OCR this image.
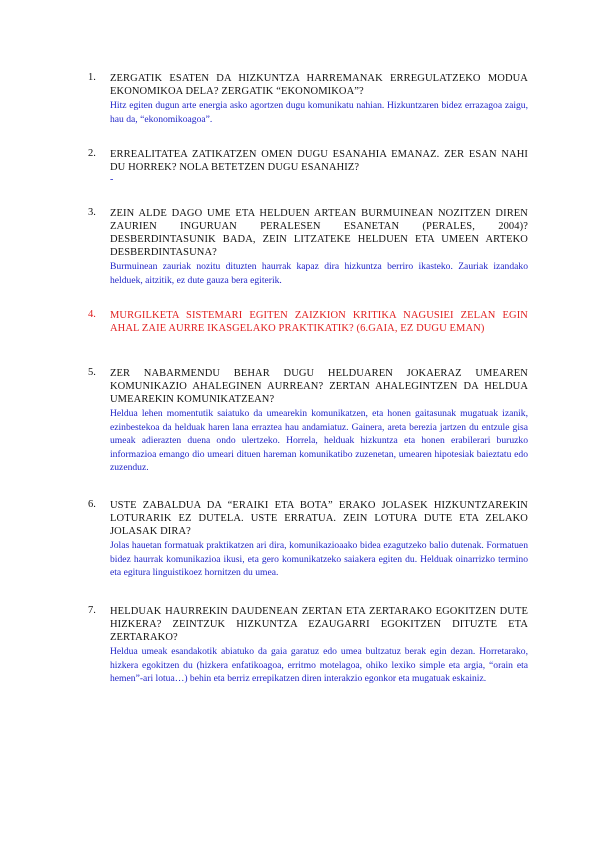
1. ZERGATIK ESATEN DA HIZKUNTZA HARREMANAK ERREGULATZEKO MODUA EKONOMIKOA DELA? ZERGATIK “EKONOMIKOA”?
Hitz egiten dugun arte energia asko agortzen dugu komunikatu nahian. Hizkuntzaren bidez errazagoa zaigu, hau da, “ekonomikoagoa”.
2. ERREALITATEA ZATIKATZEN OMEN DUGU ESANAHIA EMANAZ. ZER ESAN NAHI DU HORREK? NOLA BETETZEN DUGU ESANAHIZ?
-
3. ZEIN ALDE DAGO UME ETA HELDUEN ARTEAN BURMUINEAN NOZITZEN DIREN ZAURIEN INGURUAN PERALESEN ESANETAN (PERALES, 2004)? DESBERDINTASUNIK BADA, ZEIN LITZATEKE HELDUEN ETA UMEEN ARTEKO DESBERDINTASUNA?
Burmuinean zauriak nozitu dituzten haurrak kapaz dira hizkuntza berriro ikasteko. Zauriak izandako helduek, aitzitik, ez dute gauza bera egiterik.
4. MURGILKETA SISTEMARI EGITEN ZAIZKION KRITIKA NAGUSIEI ZELAN EGIN AHAL ZAIE AURRE IKASGELAKO PRAKTIKATIK? (6.GAIA, EZ DUGU EMAN)
5. ZER NABARMENDU BEHAR DUGU HELDUAREN JOKAERAZ UMEAREN KOMUNIKAZIO AHALEGINEN AURREAN? ZERTAN AHALEGINTZEN DA HELDUA UMEAREKIN KOMUNIKATZEAN?
Heldua lehen momentutik saiatuko da umearekin komunikatzen, eta honen gaitasunak mugatuak izanik, ezinbestekoa da helduak haren lana erraztea hau andamiatuz. Gainera, areta berezia jartzen du entzule gisa umeak adierazten duena ondo ulertzeko. Horrela, helduak hizkuntza eta honen erabilerari buruzko informazioa emango dio umeari dituen hareman komunikatibo zuzenetan, umearen hipotesiak baieztatu edo zuzenduz.
6. USTE ZABALDUA DA “ERAIKI ETA BOTA” ERAKO JOLASEK HIZKUNTZAREKIN LOTURARIK EZ DUTELA. USTE ERRATUA. ZEIN LOTURA DUTE ETA ZELAKO JOLASAK DIRA?
Jolas hauetan formatuak praktikatzen ari dira, komunikazioaako bidea ezagutzeko balio dutenak. Formatuen bidez haurrak komunikazioa ikusi, eta gero komunikatzeko saiakera egiten du. Helduak oinarrizko termino eta egitura linguistikoez hornitzen du umea.
7. HELDUAK HAURREKIN DAUDENEAN ZERTAN ETA ZERTARAKO EGOKITZEN DUTE HIZKERA? ZEINTZUK HIZKUNTZA EZAUGARRI EGOKITZEN DITUZTE ETA ZERTARAKO?
Heldua umeak esandakotik abiatuko da gaia garatuz edo umea bultzatuz berak egin dezan. Horretarako, hizkera egokitzen du (hizkera enfatikoagoa, erritmo motelagoa, ohiko lexiko simple eta argia, “orain eta hemen”-ari lotua…) behin eta berriz errepikatzen diren interakzio egonkor eta mugatuak eskainiz.
